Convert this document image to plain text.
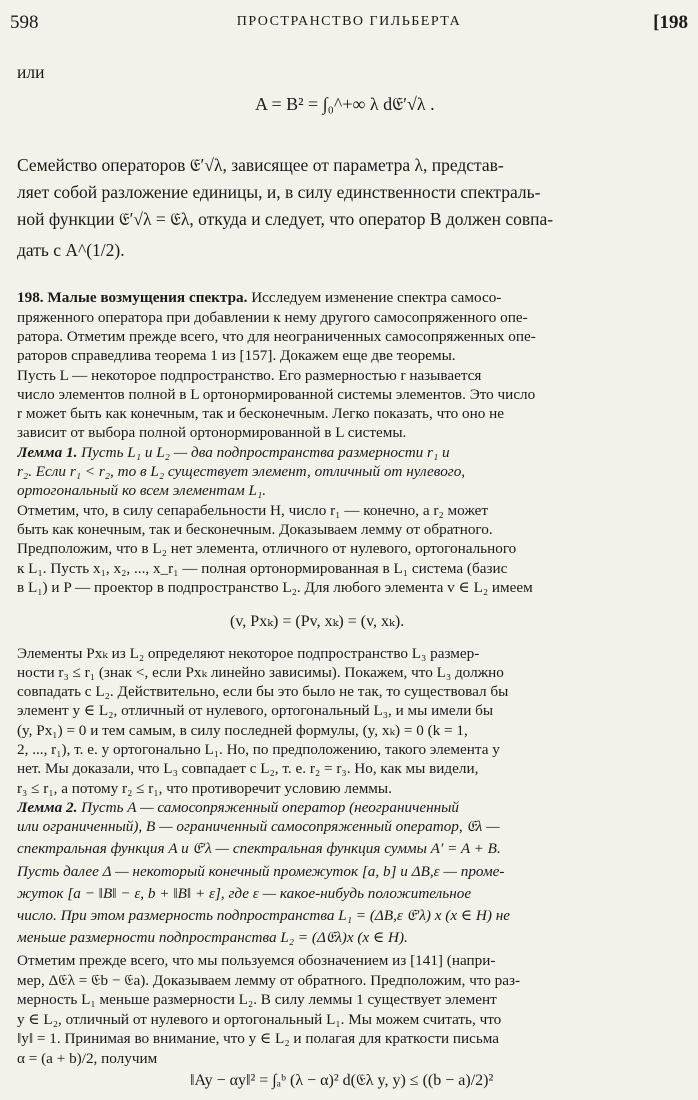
598	ПРОСТРАНСТВО ГИЛЬБЕРТА	[198
или
A = B² = ∫₀^+∞ λ d𝔈′√λ .
Семейство операторов 𝔈′√λ, зависящее от параметра λ, представ-
ляет собой разложение единицы, и, в силу единственности спектраль-
ной функции 𝔈′√λ = 𝔈λ, откуда и следует, что оператор B должен совпа-
дать с A^(1/2).
198. Малые возмущения спектра. Исследуем изменение спектра самосо-
пряженного оператора при добавлении к нему другого самосопряженного опе-
ратора. Отметим прежде всего, что для неограниченных самосопряженных опе-
раторов справедлива теорема 1 из [157]. Докажем еще две теоремы.
Пусть L — некоторое подпространство. Его размерностью r называется
число элементов полной в L ортонормированной системы элементов. Это число
r может быть как конечным, так и бесконечным. Легко показать, что оно не
зависит от выбора полной ортонормированной в L системы.
Лемма 1. Пусть L₁ и L₂ — два подпространства размерности r₁ и
r₂. Если r₁ < r₂, то в L₂ существует элемент, отличный от нулевого,
ортогональный ко всем элементам L₁.
Отметим, что, в силу сепарабельности H, число r₁ — конечно, а r₂ может
быть как конечным, так и бесконечным. Доказываем лемму от обратного.
Предположим, что в L₂ нет элемента, отличного от нулевого, ортогонального
к L₁. Пусть x₁, x₂, ..., x_r₁ — полная ортонормированная в L₁ система (базис
в L₁) и P — проектор в подпространство L₂. Для любого элемента v ∈ L₂ имеем
(v, Pxₖ) = (Pv, xₖ) = (v, xₖ).
Элементы Pxₖ из L₂ определяют некоторое подпространство L₃ размер-
ности r₃ ≤ r₁ (знак <, если Pxₖ линейно зависимы). Покажем, что L₃ должно
совпадать с L₂. Действительно, если бы это было не так, то существовал бы
элемент y ∈ L₂, отличный от нулевого, ортогональный L₃, и мы имели бы
(y, Px₁) = 0 и тем самым, в силу последней формулы, (y, xₖ) = 0 (k = 1,
2, ..., r₁), т. е. y ортогонально L₁. Но, по предположению, такого элемента y
нет. Мы доказали, что L₃ совпадает с L₂, т. е. r₂ = r₃. Но, как мы видели,
r₃ ≤ r₁, а потому r₂ ≤ r₁, что противоречит условию леммы.
Лемма 2. Пусть A — самосопряженный оператор (неограниченный
или ограниченный), B — ограниченный самосопряженный оператор, 𝔈λ —
спектральная функция A и 𝔈′λ — спектральная функция суммы A′ = A + B.
Пусть далее Δ — некоторый конечный промежуток [a, b] и ΔB,ε — проме-
жуток [a − ‖B‖ − ε, b + ‖B‖ + ε], где ε — какое-нибудь положительное
число. При этом размерность подпространства L₁ = (ΔB,ε 𝔈′λ) x (x ∈ H) не
меньше размерности подпространства L₂ = (Δ𝔈λ)x (x ∈ H).
Отметим прежде всего, что мы пользуемся обозначением из [141] (напри-
мер, Δ𝔈λ = 𝔈b − 𝔈a). Доказываем лемму от обратного. Предположим, что раз-
мерность L₁ меньше размерности L₂. В силу леммы 1 существует элемент
y ∈ L₂, отличный от нулевого и ортогональный L₁. Мы можем считать, что
‖y‖ = 1. Принимая во внимание, что y ∈ L₂ и полагая для краткости письма
α = (a + b)/2, получим
‖Ay − αy‖² = ∫ₐᵇ (λ − α)² d(𝔈λ y, y) ≤ ((b − a)/2)²
